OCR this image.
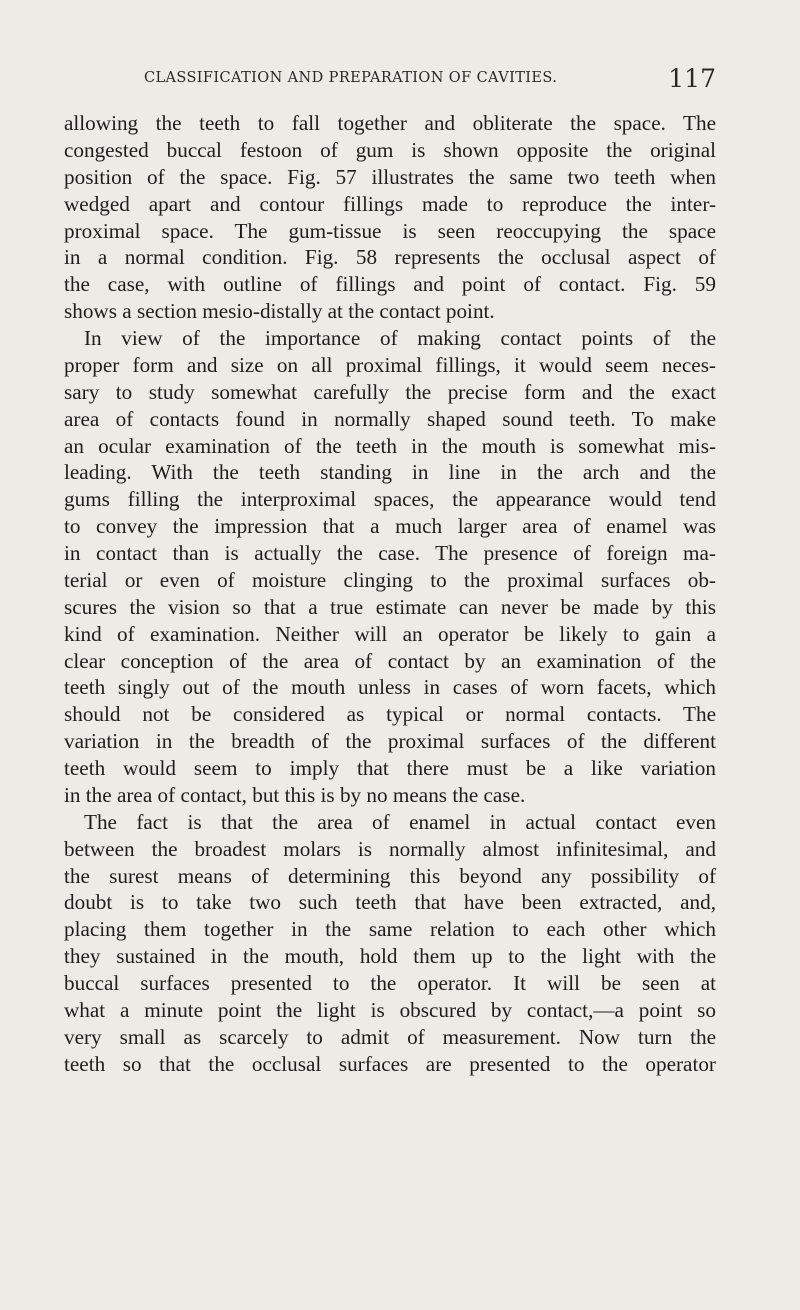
CLASSIFICATION AND PREPARATION OF CAVITIES.	117
allowing the teeth to fall together and obliterate the space. The
congested buccal festoon of gum is shown opposite the original
position of the space. Fig. 57 illustrates the same two teeth when
wedged apart and contour fillings made to reproduce the inter-
proximal space. The gum-tissue is seen reoccupying the space
in a normal condition. Fig. 58 represents the occlusal aspect of
the case, with outline of fillings and point of contact. Fig. 59
shows a section mesio-distally at the contact point.
In view of the importance of making contact points of the
proper form and size on all proximal fillings, it would seem neces-
sary to study somewhat carefully the precise form and the exact
area of contacts found in normally shaped sound teeth. To make
an ocular examination of the teeth in the mouth is somewhat mis-
leading. With the teeth standing in line in the arch and the
gums filling the interproximal spaces, the appearance would tend
to convey the impression that a much larger area of enamel was
in contact than is actually the case. The presence of foreign ma-
terial or even of moisture clinging to the proximal surfaces ob-
scures the vision so that a true estimate can never be made by this
kind of examination. Neither will an operator be likely to gain a
clear conception of the area of contact by an examination of the
teeth singly out of the mouth unless in cases of worn facets, which
should not be considered as typical or normal contacts. The
variation in the breadth of the proximal surfaces of the different
teeth would seem to imply that there must be a like variation
in the area of contact, but this is by no means the case.
The fact is that the area of enamel in actual contact even
between the broadest molars is normally almost infinitesimal, and
the surest means of determining this beyond any possibility of
doubt is to take two such teeth that have been extracted, and,
placing them together in the same relation to each other which
they sustained in the mouth, hold them up to the light with the
buccal surfaces presented to the operator. It will be seen at
what a minute point the light is obscured by contact,—a point so
very small as scarcely to admit of measurement. Now turn the
teeth so that the occlusal surfaces are presented to the operator
